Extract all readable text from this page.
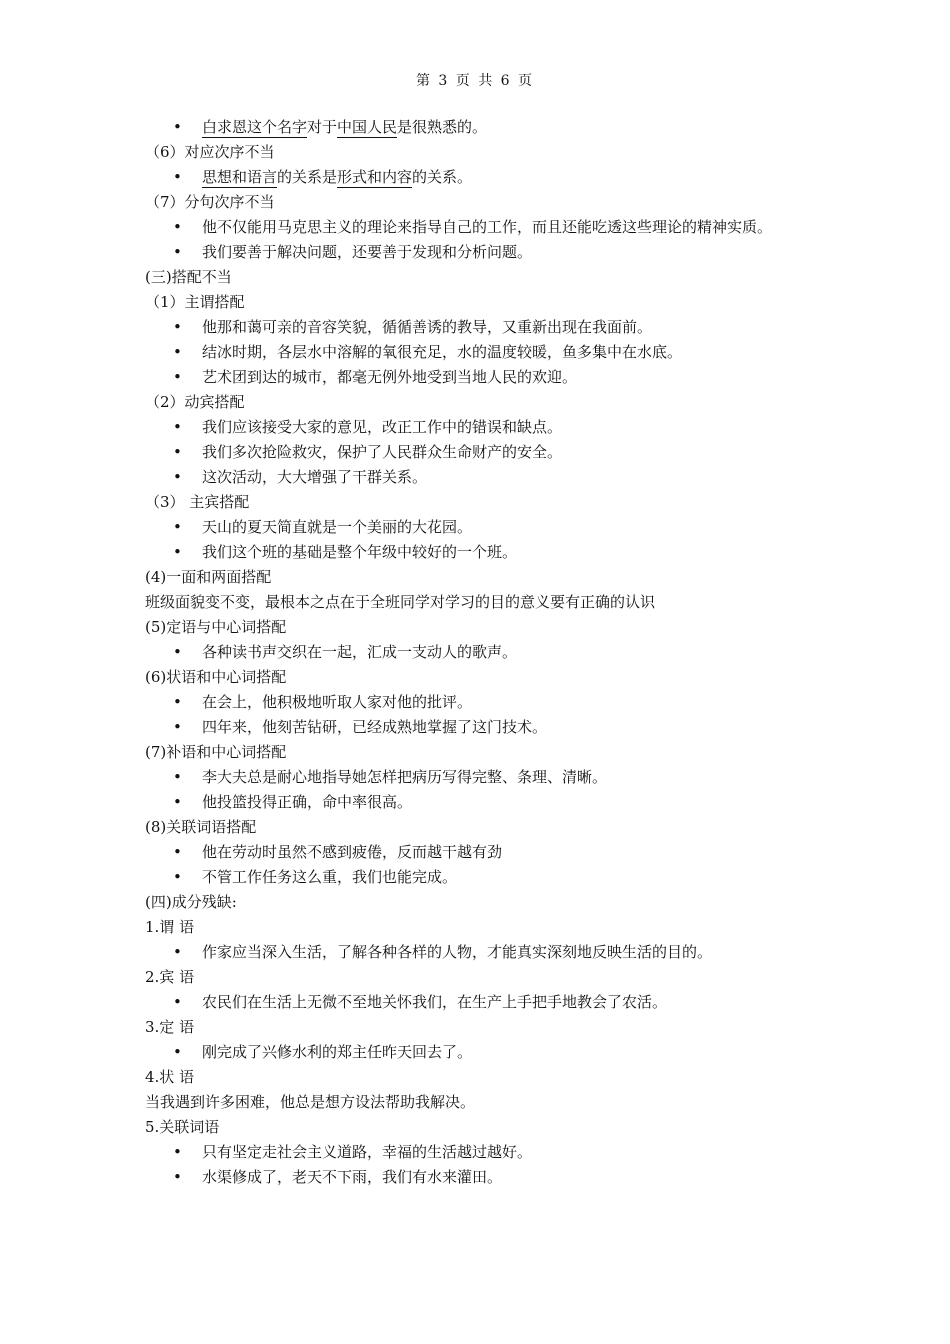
第 3 页 共 6 页
• 白求恩这个名字对于中国人民是很熟悉的。
（6）对应次序不当
• 思想和语言的关系是形式和内容的关系。
（7）分句次序不当
• 他不仅能用马克思主义的理论来指导自己的工作，而且还能吃透这些理论的精神实质。
• 我们要善于解决问题，还要善于发现和分析问题。
(三)搭配不当
（1）主谓搭配
• 他那和蔼可亲的音容笑貌，循循善诱的教导，又重新出现在我面前。
• 结冰时期，各层水中溶解的氧很充足，水的温度较暖，鱼多集中在水底。
• 艺术团到达的城市，都毫无例外地受到当地人民的欢迎。
（2）动宾搭配
• 我们应该接受大家的意见，改正工作中的错误和缺点。
• 我们多次抢险救灾，保护了人民群众生命财产的安全。
• 这次活动，大大增强了干群关系。
（3） 主宾搭配
• 天山的夏天简直就是一个美丽的大花园。
• 我们这个班的基础是整个年级中较好的一个班。
(4)一面和两面搭配
班级面貌变不变，最根本之点在于全班同学对学习的目的意义要有正确的认识
(5)定语与中心词搭配
• 各种读书声交织在一起，汇成一支动人的歌声。
(6)状语和中心词搭配
• 在会上，他积极地听取人家对他的批评。
• 四年来，他刻苦钻研，已经成熟地掌握了这门技术。
(7)补语和中心词搭配
• 李大夫总是耐心地指导她怎样把病历写得完整、条理、清晰。
• 他投篮投得正确，命中率很高。
(8)关联词语搭配
• 他在劳动时虽然不感到疲倦，反而越干越有劲
• 不管工作任务这么重，我们也能完成。
(四)成分残缺:
1.谓 语
• 作家应当深入生活，了解各种各样的人物，才能真实深刻地反映生活的目的。
2.宾 语
• 农民们在生活上无微不至地关怀我们，在生产上手把手地教会了农活。
3.定 语
• 刚完成了兴修水利的郑主任昨天回去了。
4.状 语
当我遇到许多困难，他总是想方设法帮助我解决。
5.关联词语
• 只有坚定走社会主义道路，幸福的生活越过越好。
• 水渠修成了，老天不下雨，我们有水来灌田。
